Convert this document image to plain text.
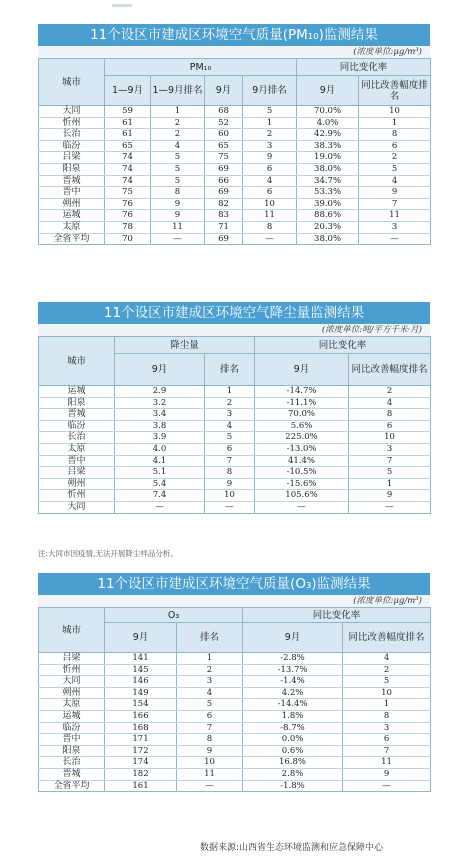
11个设区市建成区环境空气质量(PM₁₀)监测结果
(浓度单位:μg/m³)
城市	PM₁₀				同比变化率	
	1—9月	1—9月排名	9月	9月排名	9月	同比改善幅度排名
大同	59	1	68	5	70.0%	10
忻州	61	2	52	1	4.0%	1
长治	61	2	60	2	42.9%	8
临汾	65	4	65	3	38.3%	6
吕梁	74	5	75	9	19.0%	2
阳泉	74	5	69	6	38.0%	5
晋城	74	5	66	4	34.7%	4
晋中	75	8	69	6	53.3%	9
朔州	76	9	82	10	39.0%	7
运城	76	9	83	11	88.6%	11
太原	78	11	71	8	20.3%	3
全省平均	70	—	69	—	38.0%	—
11个设区市建成区环境空气降尘量监测结果
(浓度单位:吨/平方千米·月)
城市	降尘量		同比变化率	
	9月	排名	9月	同比改善幅度排名
运城	2.9	1	-14.7%	2
阳泉	3.2	2	-11.1%	4
晋城	3.4	3	70.0%	8
临汾	3.8	4	5.6%	6
长治	3.9	5	225.0%	10
太原	4.0	6	-13.0%	3
晋中	4.1	7	41.4%	7
吕梁	5.1	8	-10.5%	5
朔州	5.4	9	-15.6%	1
忻州	7.4	10	105.6%	9
大同	—	—	—	—
注:大同市因疫情,无法开展降尘样品分析。
11个设区市建成区环境空气质量(O₃)监测结果
(浓度单位:μg/m³)
城市	O₃		同比变化率	
	9月	排名	9月	同比改善幅度排名
吕梁	141	1	-2.8%	4
忻州	145	2	-13.7%	2
大同	146	3	-1.4%	5
朔州	149	4	4.2%	10
太原	154	5	-14.4%	1
运城	166	6	1.8%	8
临汾	168	7	-8.7%	3
晋中	171	8	0.0%	6
阳泉	172	9	0.6%	7
长治	174	10	16.8%	11
晋城	182	11	2.8%	9
全省平均	161	—	-1.8%	—
数据来源:山西省生态环境监测和应急保障中心
